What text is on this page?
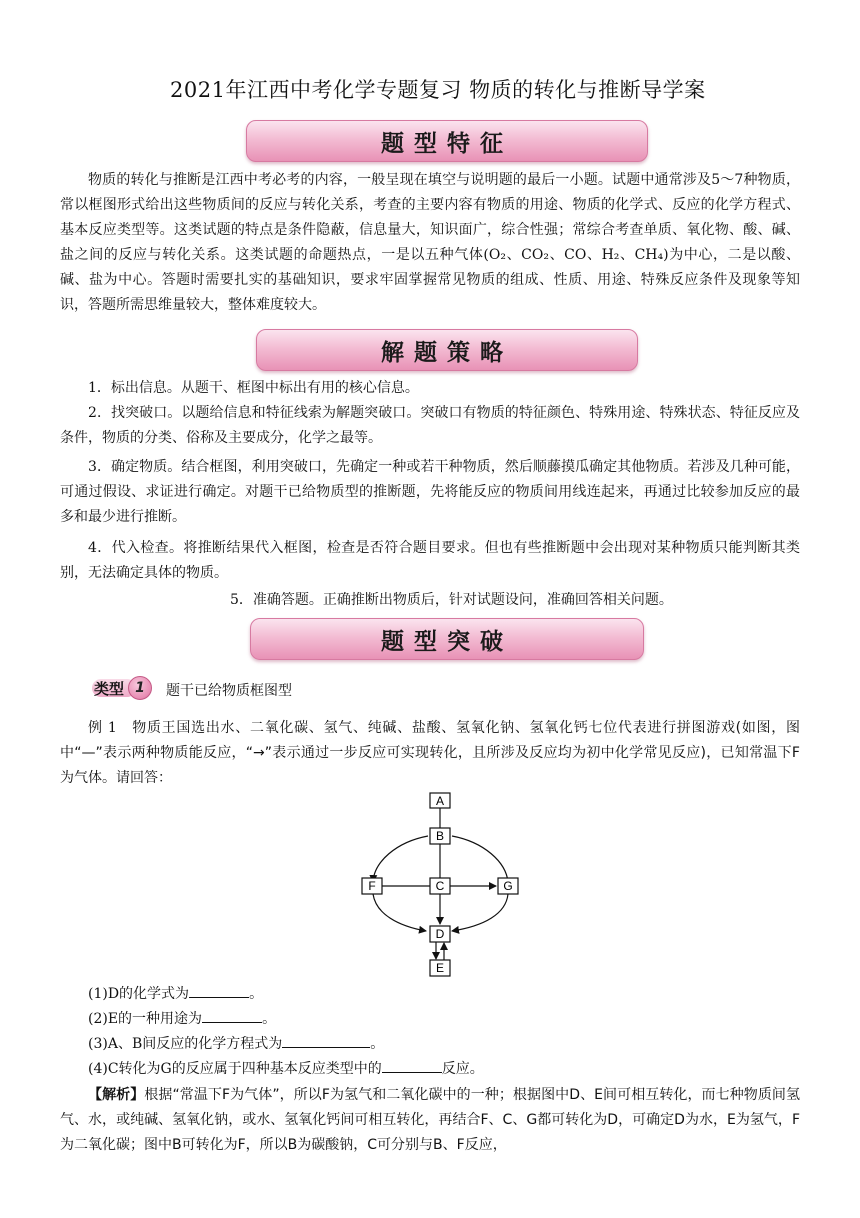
2021年江西中考化学专题复习 物质的转化与推断导学案
题型特征

物质的转化与推断是江西中考必考的内容，一般呈现在填空与说明题的最后一小题。试题中通常涉及5～7种物质，常以框图形式给出这些物质间的反应与转化关系，考查的主要内容有物质的用途、物质的化学式、反应的化学方程式、基本反应类型等。这类试题的特点是条件隐蔽，信息量大，知识面广，综合性强；常综合考查单质、氧化物、酸、碱、盐之间的反应与转化关系。这类试题的命题热点，一是以五种气体(O₂、CO₂、CO、H₂、CH₄)为中心，二是以酸、碱、盐为中心。答题时需要扎实的基础知识，要求牢固掌握常见物质的组成、性质、用途、特殊反应条件及现象等知识，答题所需思维量较大，整体难度较大。

解题策略

1．标出信息。从题干、框图中标出有用的核心信息。

2．找突破口。以题给信息和特征线索为解题突破口。突破口有物质的特征颜色、特殊用途、特殊状态、特征反应及条件，物质的分类、俗称及主要成分，化学之最等。

3．确定物质。结合框图，利用突破口，先确定一种或若干种物质，然后顺藤摸瓜确定其他物质。若涉及几种可能，可通过假设、求证进行确定。对题干已给物质型的推断题，先将能反应的物质间用线连起来，再通过比较参加反应的最多和最少进行推断。

4．代入检查。将推断结果代入框图，检查是否符合题目要求。但也有些推断题中会出现对某种物质只能判断其类别，无法确定具体的物质。

5．准确答题。正确推断出物质后，针对试题设问，准确回答相关问题。

题型突破
类型 1	题干已给物质框图型

例 1　 物质王国选出水、二氧化碳、氢气、纯碱、盐酸、氢氧化钠、氢氧化钙七位代表进行拼图游戏(如图，图中“—”表示两种物质能反应，“→”表示通过一步反应可实现转化，且所涉及反应均为初中化学常见反应)，已知常温下F为气体。请回答：

A
B
C
D
E
F	G

(1)D的化学式为	。

(2)E的一种用途为	。

(3)A、B间反应的化学方程式为	。

(4)C转化为G的反应属于四种基本反应类型中的	反应。

【解析】根据“常温下F为气体”，所以F为氢气和二氧化碳中的一种；根据图中D、E间可相互转化，而七种物质间氢气、水，或纯碱、氢氧化钠，或水、氢氧化钙间可相互转化，再结合F、C、G都可转化为D，可确定D为水，E为氢气，F为二氧化碳；图中B可转化为F，所以B为碳酸钠，C可分别与B、F反应，
